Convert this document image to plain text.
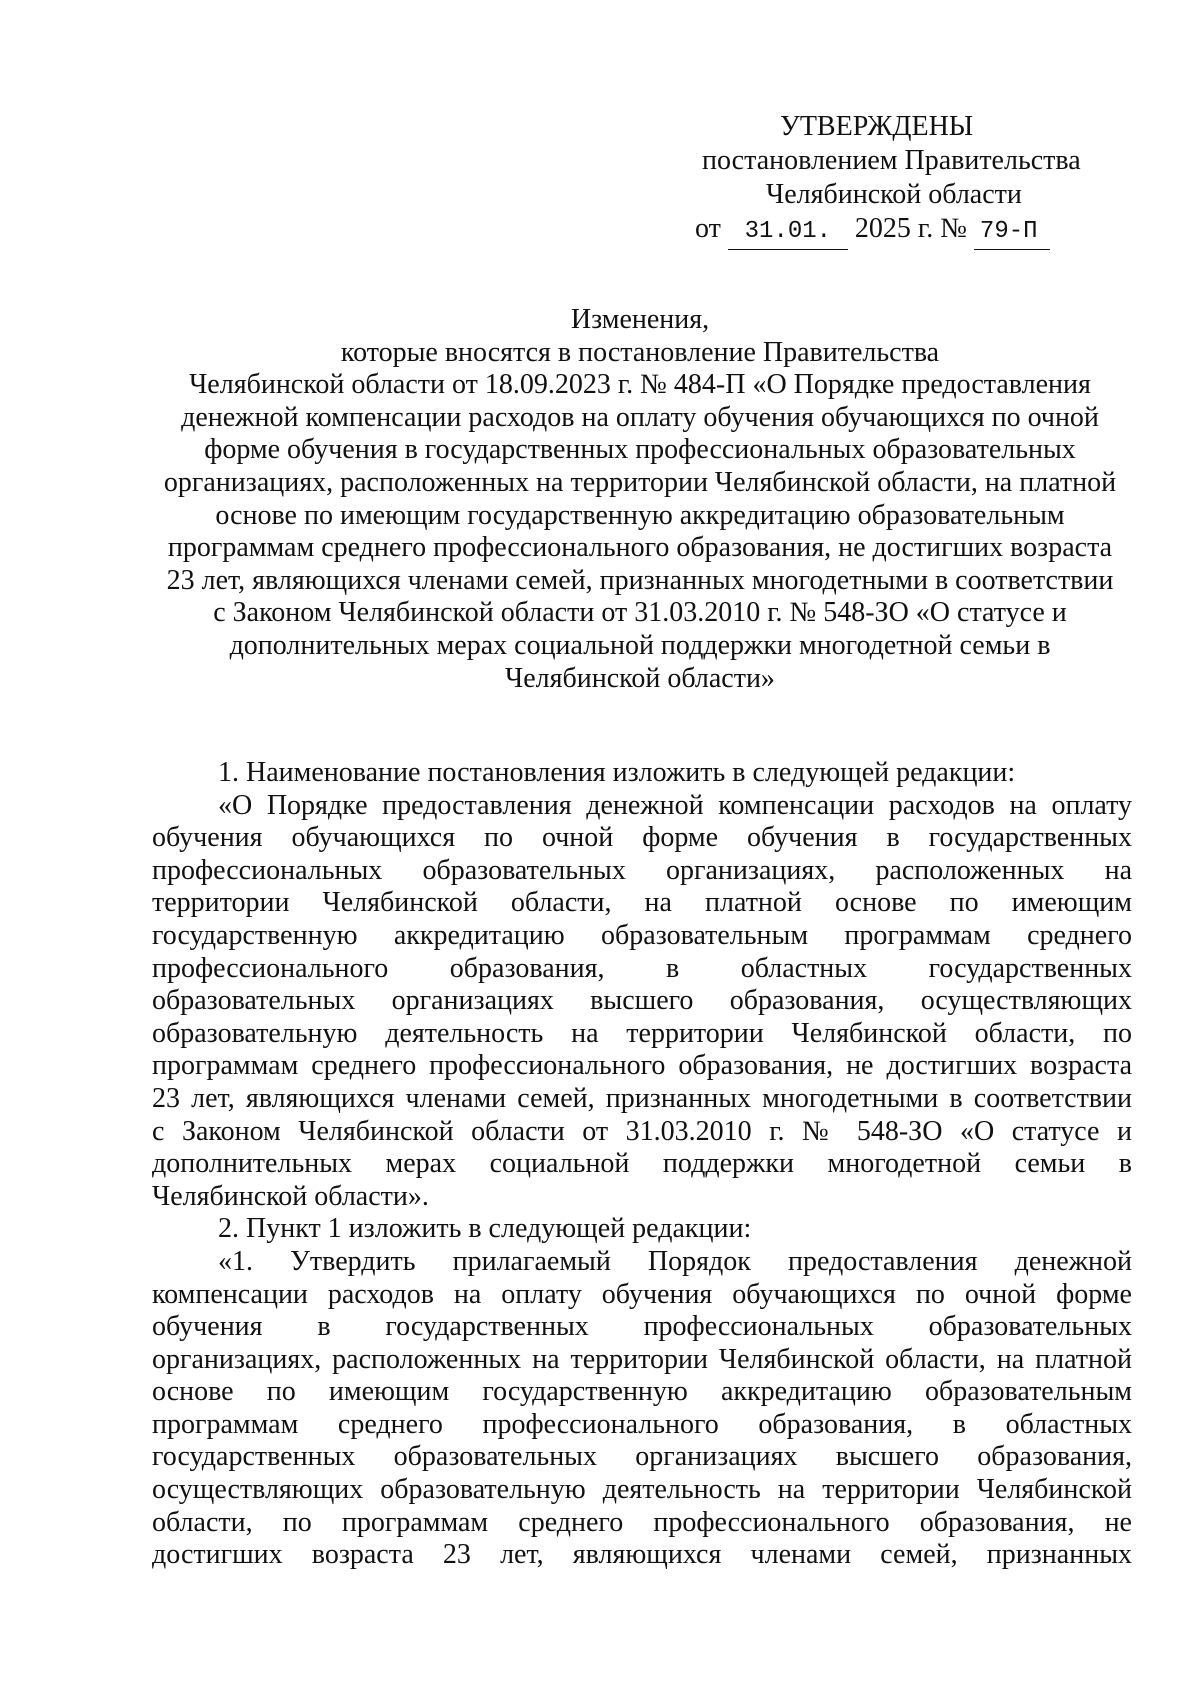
УТВЕРЖДЕНЫ
постановлением Правительства
Челябинской области
от 31.01. 2025 г. № 79-П
Изменения,
которые вносятся в постановление Правительства
Челябинской области от 18.09.2023 г. № 484-П «О Порядке предоставления
денежной компенсации расходов на оплату обучения обучающихся по очной
форме обучения в государственных профессиональных образовательных
организациях, расположенных на территории Челябинской области, на платной
основе по имеющим государственную аккредитацию образовательным
программам среднего профессионального образования, не достигших возраста
23 лет, являющихся членами семей, признанных многодетными в соответствии
с Законом Челябинской области от 31.03.2010 г. № 548-ЗО «О статусе и
дополнительных мерах социальной поддержки многодетной семьи в
Челябинской области»
1. Наименование постановления изложить в следующей редакции:
«О Порядке предоставления денежной компенсации расходов на оплату
обучения обучающихся по очной форме обучения в государственных
профессиональных образовательных организациях, расположенных на
территории Челябинской области, на платной основе по имеющим
государственную аккредитацию образовательным программам среднего
профессионального образования, в областных государственных
образовательных организациях высшего образования, осуществляющих
образовательную деятельность на территории Челябинской области, по
программам среднего профессионального образования, не достигших возраста
23 лет, являющихся членами семей, признанных многодетными в соответствии
с Законом Челябинской области от 31.03.2010 г. № 548-ЗО «О статусе и
дополнительных мерах социальной поддержки многодетной семьи в
Челябинской области».
2. Пункт 1 изложить в следующей редакции:
«1. Утвердить прилагаемый Порядок предоставления денежной
компенсации расходов на оплату обучения обучающихся по очной форме
обучения в государственных профессиональных образовательных
организациях, расположенных на территории Челябинской области, на платной
основе по имеющим государственную аккредитацию образовательным
программам среднего профессионального образования, в областных
государственных образовательных организациях высшего образования,
осуществляющих образовательную деятельность на территории Челябинской
области, по программам среднего профессионального образования, не
достигших возраста 23 лет, являющихся членами семей, признанных
